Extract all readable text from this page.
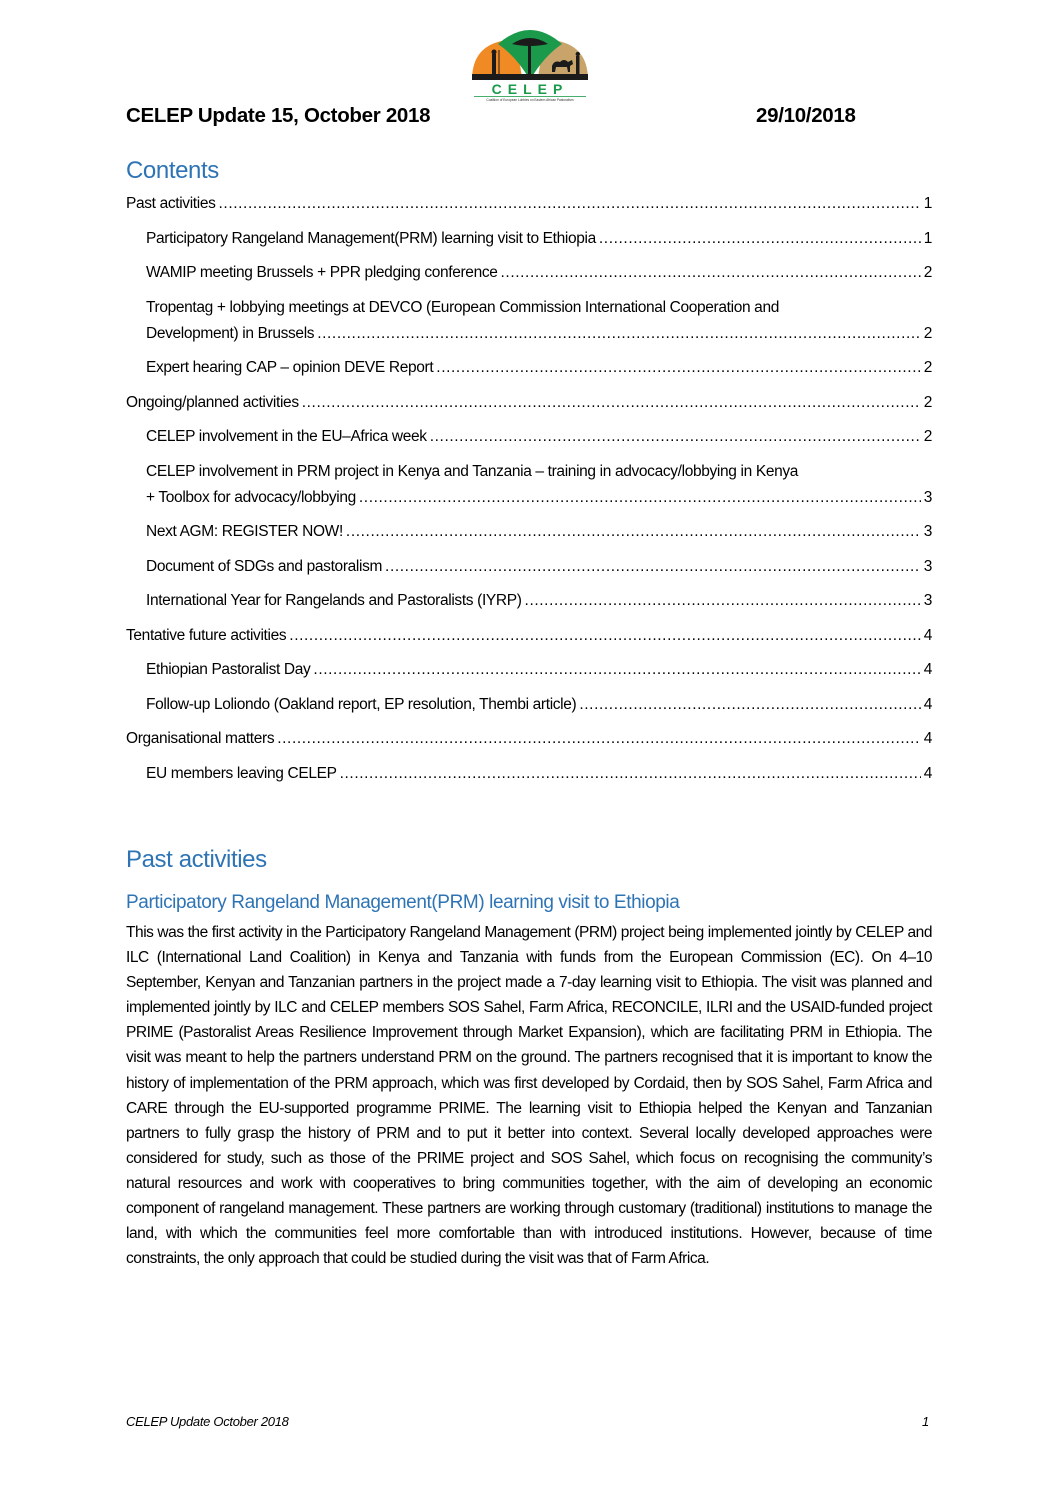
CELEP
Coalition of European Lobbies on Eastern African Pastoralism
CELEP Update 15, October 2018	29/10/2018
Contents
Past activities .....	1
Participatory Rangeland Management(PRM) learning visit to Ethiopia .....	1
WAMIP meeting Brussels + PPR pledging conference .....	2
Tropentag + lobbying meetings at DEVCO (European Commission International Cooperation and
Development) in Brussels .....	2
Expert hearing CAP – opinion DEVE Report .....	2
Ongoing/planned activities .....	2
CELEP involvement in the EU–Africa week .....	2
CELEP involvement in PRM project in Kenya and Tanzania – training in advocacy/lobbying in Kenya
+ Toolbox for advocacy/lobbying .....	3
Next AGM: REGISTER NOW! .....	3
Document of SDGs and pastoralism .....	3
International Year for Rangelands and Pastoralists (IYRP) .....	3
Tentative future activities .....	4
Ethiopian Pastoralist Day .....	4
Follow-up Loliondo (Oakland report, EP resolution, Thembi article) .....	4
Organisational matters .....	4
EU members leaving CELEP .....	4
Past activities
Participatory Rangeland Management(PRM) learning visit to Ethiopia

This was the first activity in the Participatory Rangeland Management (PRM) project being implemented jointly by CELEP and ILC (International Land Coalition) in Kenya and Tanzania with funds from the European Commission (EC). On 4–10 September, Kenyan and Tanzanian partners in the project made a 7-day learning visit to Ethiopia. The visit was planned and implemented jointly by ILC and CELEP members SOS Sahel, Farm Africa, RECONCILE, ILRI and the USAID-funded project PRIME (Pastoralist Areas Resilience Improvement through Market Expansion), which are facilitating PRM in Ethiopia. The visit was meant to help the partners understand PRM on the ground. The partners recognised that it is important to know the history of implementation of the PRM approach, which was first developed by Cordaid, then by SOS Sahel, Farm Africa and CARE through the EU-supported programme PRIME. The learning visit to Ethiopia helped the Kenyan and Tanzanian partners to fully grasp the history of PRM and to put it better into context. Several locally developed approaches were considered for study, such as those of the PRIME project and SOS Sahel, which focus on recognising the community’s natural resources and work with cooperatives to bring communities together, with the aim of developing an economic component of rangeland management. These partners are working through customary (traditional) institutions to manage the land, with which the communities feel more comfortable than with introduced institutions. However, because of time constraints, the only approach that could be studied during the visit was that of Farm Africa.

CELEP Update October 2018	1
